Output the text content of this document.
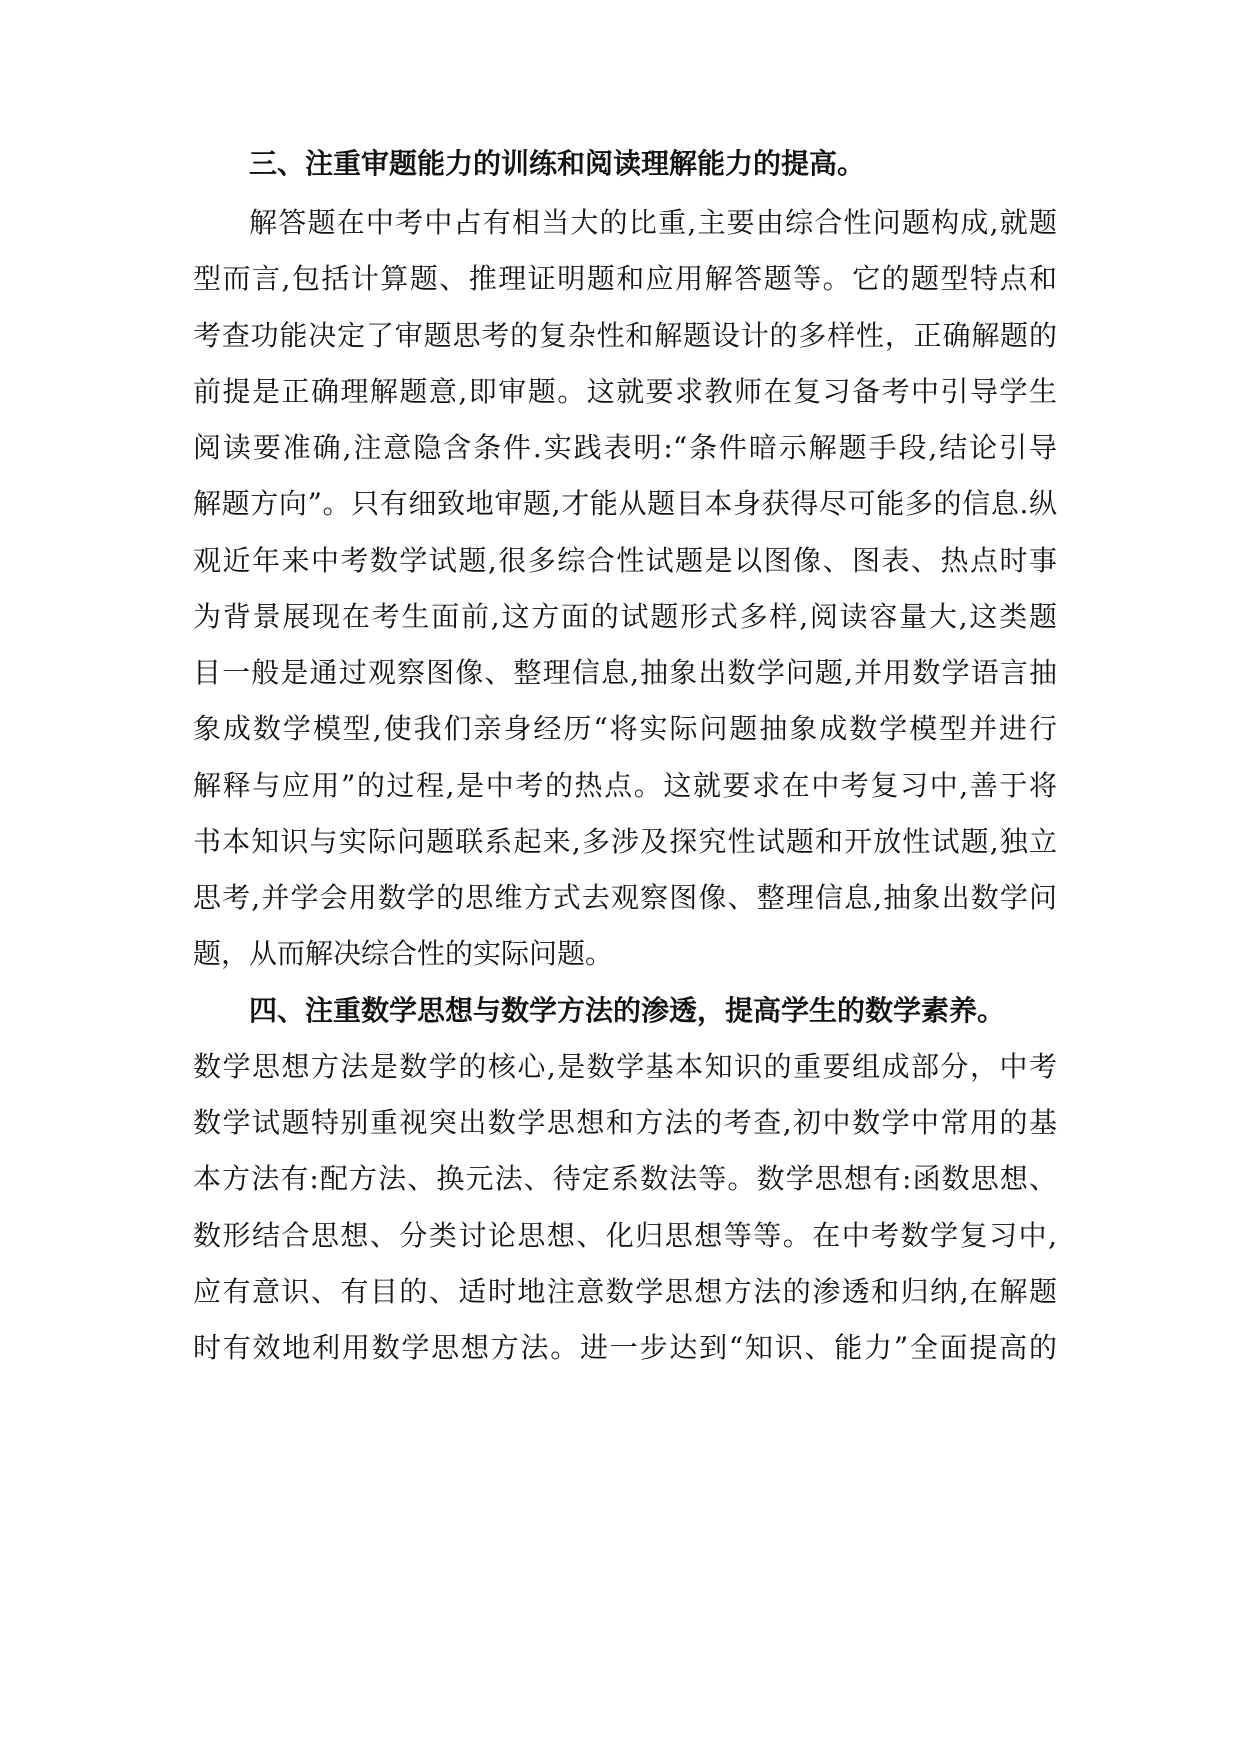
三、注重审题能力的训练和阅读理解能力的提高。
解答题在中考中占有相当大的比重,主要由综合性问题构成,就题
型而言,包括计算题、推理证明题和应用解答题等。它的题型特点和
考查功能决定了审题思考的复杂性和解题设计的多样性，正确解题的
前提是正确理解题意,即审题。这就要求教师在复习备考中引导学生
阅读要准确,注意隐含条件.实践表明:“条件暗示解题手段,结论引导
解题方向”。只有细致地审题,才能从题目本身获得尽可能多的信息.纵
观近年来中考数学试题,很多综合性试题是以图像、图表、热点时事
为背景展现在考生面前,这方面的试题形式多样,阅读容量大,这类题
目一般是通过观察图像、整理信息,抽象出数学问题,并用数学语言抽
象成数学模型,使我们亲身经历“将实际问题抽象成数学模型并进行
解释与应用”的过程,是中考的热点。这就要求在中考复习中,善于将
书本知识与实际问题联系起来,多涉及探究性试题和开放性试题,独立
思考,并学会用数学的思维方式去观察图像、整理信息,抽象出数学问
题，从而解决综合性的实际问题。
四、注重数学思想与数学方法的渗透，提高学生的数学素养。
数学思想方法是数学的核心,是数学基本知识的重要组成部分，中考
数学试题特别重视突出数学思想和方法的考查,初中数学中常用的基
本方法有:配方法、换元法、待定系数法等。数学思想有:函数思想、
数形结合思想、分类讨论思想、化归思想等等。在中考数学复习中,
应有意识、有目的、适时地注意数学思想方法的渗透和归纳,在解题
时有效地利用数学思想方法。进一步达到“知识、能力”全面提高的
